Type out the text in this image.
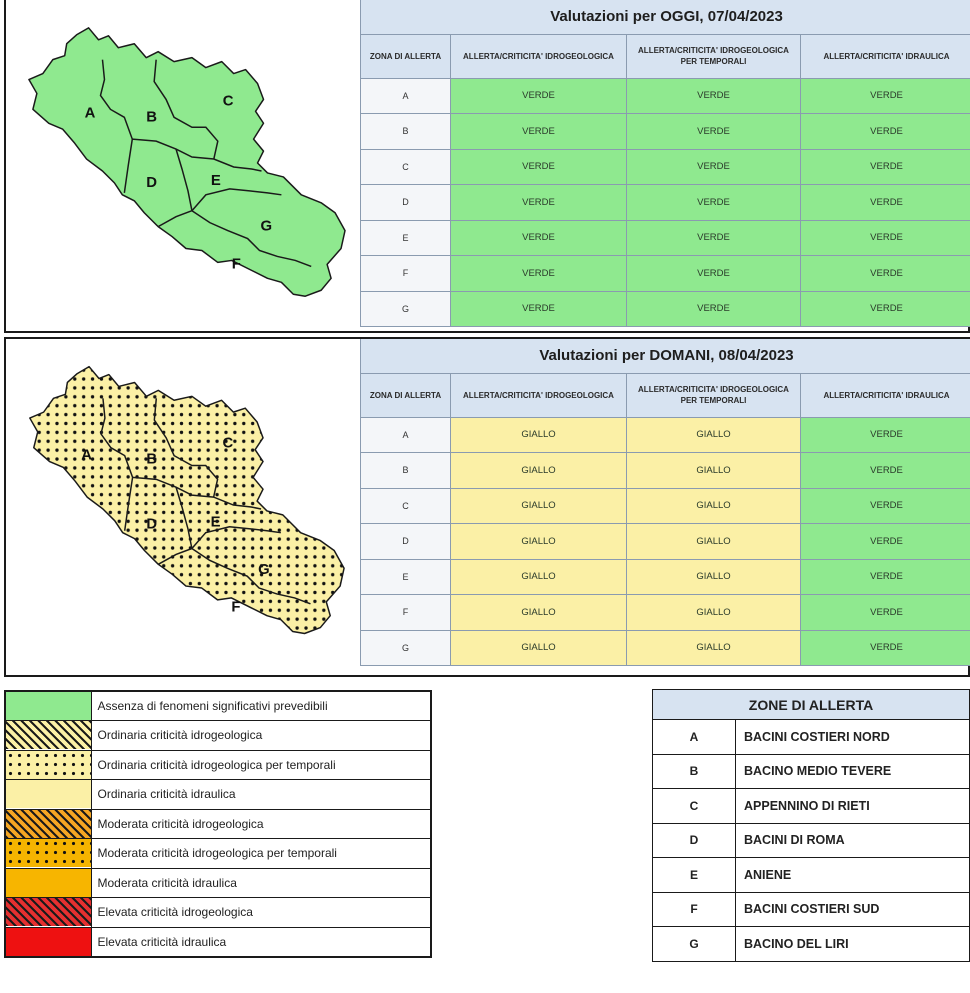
A	B
C
D	E
G
F
Valutazioni per OGGI, 07/04/2023			
ZONA DI ALLERTA	ALLERTA/CRITICITA' IDROGEOLOGICA	ALLERTA/CRITICITA' IDROGEOLOGICA PER TEMPORALI	ALLERTA/CRITICITA' IDRAULICA
A	VERDE	VERDE	VERDE
B	VERDE	VERDE	VERDE
C	VERDE	VERDE	VERDE
D	VERDE	VERDE	VERDE
E	VERDE	VERDE	VERDE
F	VERDE	VERDE	VERDE
G	VERDE	VERDE	VERDE
A	B
C
D	E
G
F
Valutazioni per DOMANI, 08/04/2023			
ZONA DI ALLERTA	ALLERTA/CRITICITA' IDROGEOLOGICA	ALLERTA/CRITICITA' IDROGEOLOGICA PER TEMPORALI	ALLERTA/CRITICITA' IDRAULICA
A	GIALLO	GIALLO	VERDE
B	GIALLO	GIALLO	VERDE
C	GIALLO	GIALLO	VERDE
D	GIALLO	GIALLO	VERDE
E	GIALLO	GIALLO	VERDE
F	GIALLO	GIALLO	VERDE
G	GIALLO	GIALLO	VERDE
	Assenza di fenomeni significativi prevedibili

	Ordinaria criticità idrogeologica

	Ordinaria criticità idrogeologica per temporali

	Ordinaria criticità idraulica

	Moderata criticità idrogeologica

	Moderata criticità idrogeologica per temporali

	Moderata criticità idraulica

	Elevata criticità idrogeologica

	Elevata criticità idraulica
ZONE DI ALLERTA	
A	BACINI COSTIERI NORD
B	BACINO MEDIO TEVERE
C	APPENNINO DI RIETI
D	BACINI DI ROMA
E	ANIENE
F	BACINI COSTIERI SUD
G	BACINO DEL LIRI
